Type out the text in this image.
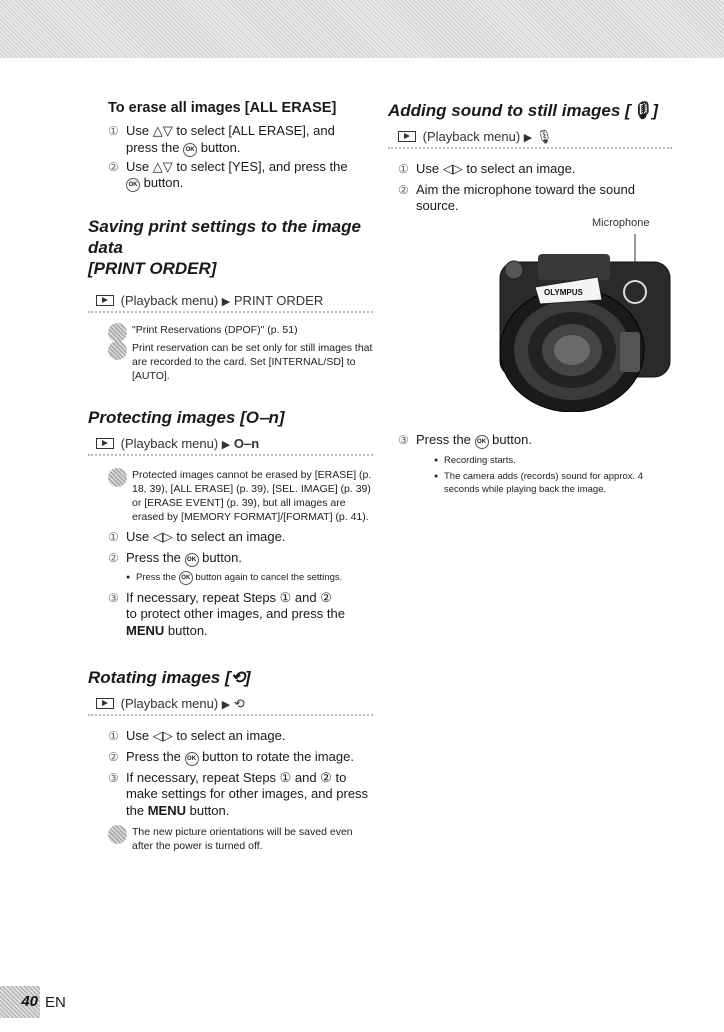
To erase all images [ALL ERASE]

① Use △▽ to select [ALL ERASE], and
press the OK button.

② Use △▽ to select [YES], and press the
OK button.

Saving print settings to the image data
[PRINT ORDER]

(Playback menu) ▶ PRINT ORDER

"Print Reservations (DPOF)" (p. 51)

Print reservation can be set only for still images that are recorded to the card. Set [INTERNAL/SD] to [AUTO].

Protecting images [O‒n]

(Playback menu) ▶ O‒n

Protected images cannot be erased by [ERASE] (p. 18, 39), [ALL ERASE] (p. 39), [SEL. IMAGE] (p. 39) or [ERASE EVENT] (p. 39), but all images are erased by [MEMORY FORMAT]/[FORMAT] (p. 41).

① Use ◁▷ to select an image.

② Press the OK button.

● Press the OK button again to cancel the settings.

③ If necessary, repeat Steps ① and ②
to protect other images, and press the
MENU button.

Rotating images [⟲]

(Playback menu) ▶ ⟲

① Use ◁▷ to select an image.

② Press the OK button to rotate the image.

③ If necessary, repeat Steps ① and ② to
make settings for other images, and press
the MENU button.

The new picture orientations will be saved even after the power is turned off.

Adding sound to still images [🎙]

(Playback menu) ▶ 🎙

① Use ◁▷ to select an image.

② Aim the microphone toward the sound source.

Microphone
OLYMPUS

③ Press the OK button.

● Recording starts.

● The camera adds (records) sound for approx. 4 seconds while playing back the image.

40 EN
